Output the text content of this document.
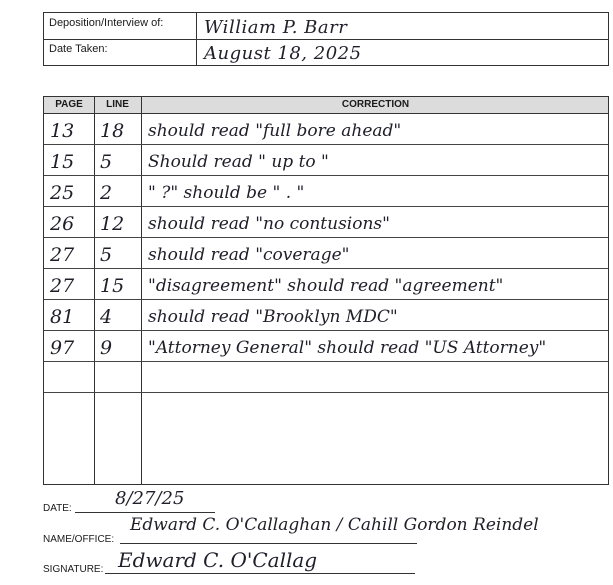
Deposition/Interview of:	William P. Barr
Date Taken:	August 18, 2025
PAGE	LINE	CORRECTION
13	18	should read "full bore ahead"
15	5	Should read " up to "
25	2	" ?" should be " . "
26	12	should read "no contusions"
27	5	should read "coverage"
27	15	"disagreement" should read "agreement"
81	4	should read "Brooklyn MDC"
97	9	"Attorney General" should read "US Attorney"
DATE: 8/27/25
NAME/OFFICE:
Edward C. O'Callaghan / Cahill Gordon Reindel
SIGNATURE: Edward C. O'Callag
